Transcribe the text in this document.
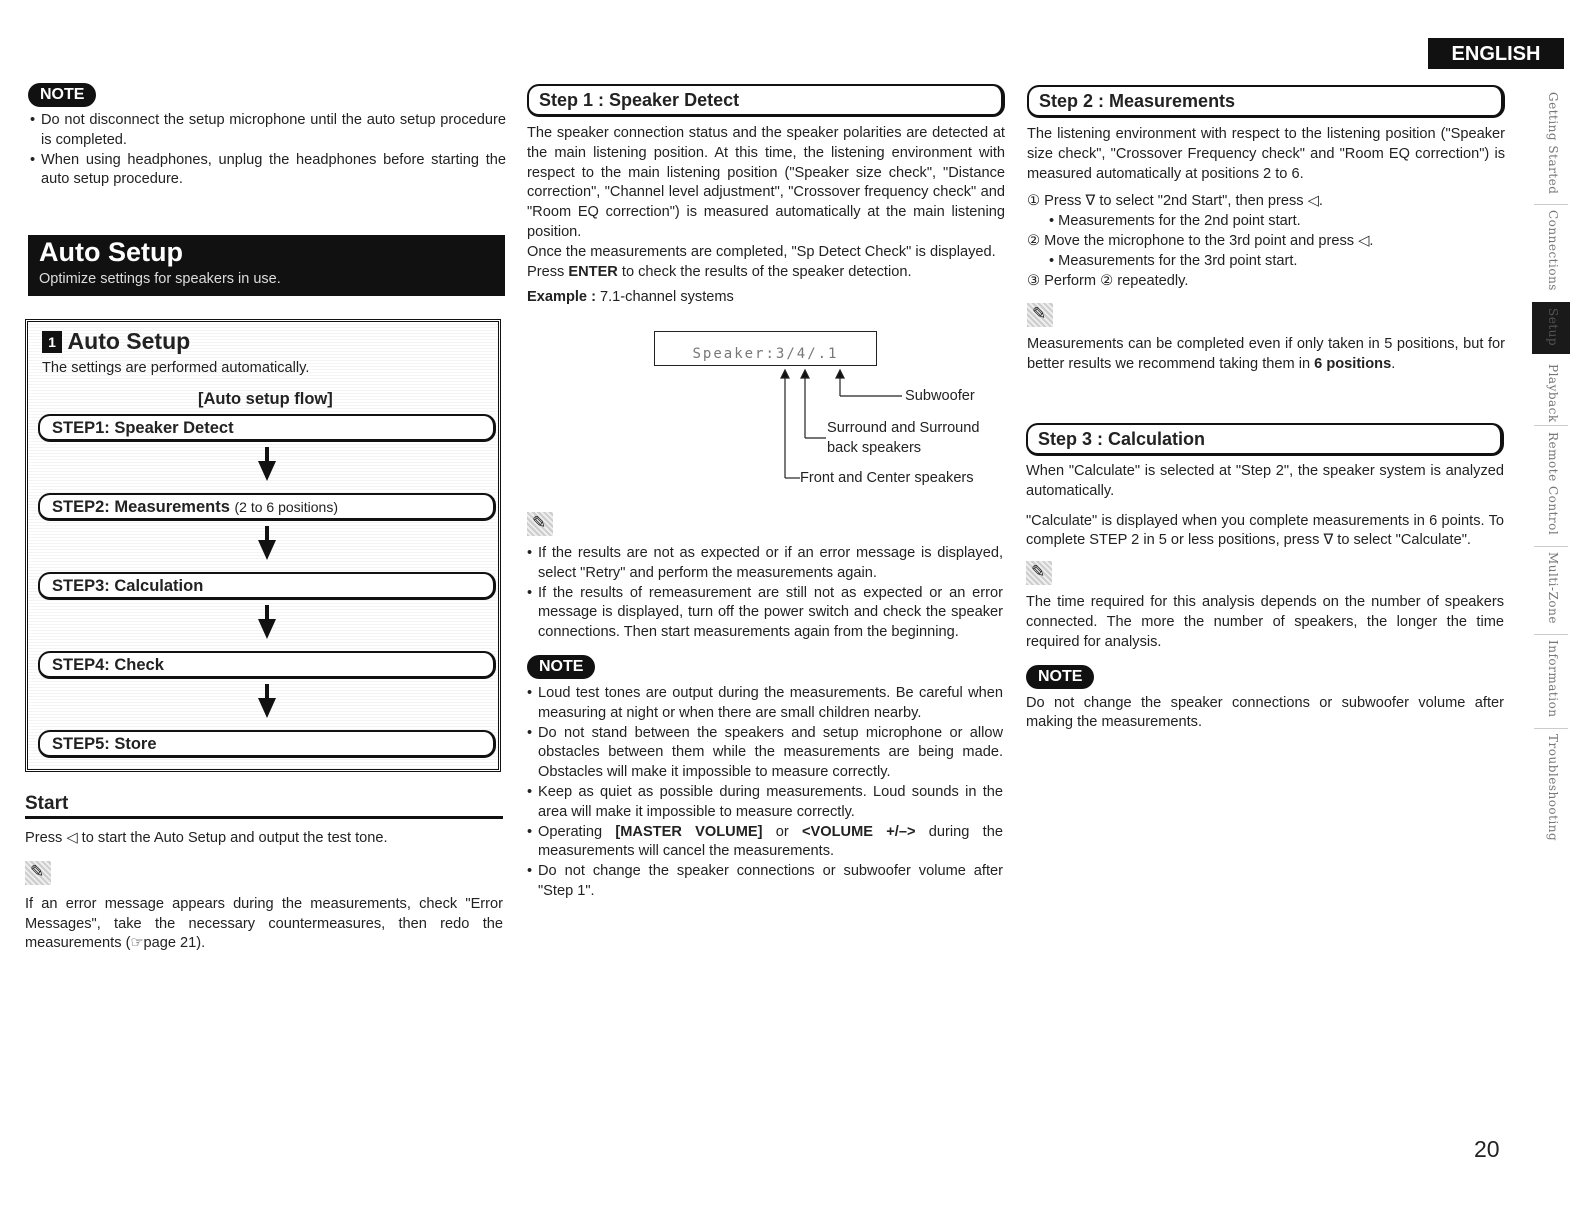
ENGLISH
Getting Started
Connections
Setup
Playback
Remote Control
Multi-Zone
Information
Troubleshooting
NOTE
• Do not disconnect the setup microphone until the auto setup procedure is completed.
• When using headphones, unplug the headphones before starting the auto setup procedure.
Auto Setup
Optimize settings for speakers in use.
1 Auto Setup
The settings are performed automatically.
[Auto setup flow]
STEP1: Speaker Detect
STEP2: Measurements (2 to 6 positions)
STEP3: Calculation
STEP4: Check
STEP5: Store
Start

Press ◁ to start the Auto Setup and output the test tone.

✎

If an error message appears during the measurements, check "Error Messages", take the necessary countermeasures, then redo the measurements (☞page 21).

Step 1 : Speaker Detect

The speaker connection status and the speaker polarities are detected at the main listening position. At this time, the listening environment with respect to the main listening position ("Speaker size check", "Distance correction", "Channel level adjustment", "Crossover frequency check" and "Room EQ correction") is measured automatically at the main listening position.

Once the measurements are completed, "Sp Detect Check" is displayed.

Press ENTER to check the results of the speaker detection.

Example : 7.1-channel systems

Speaker:3/4/.1
Subwoofer
Surround and Surround back speakers
Front and Center speakers
✎
• If the results are not as expected or if an error message is displayed, select "Retry" and perform the measurements again.
• If the results of remeasurement are still not as expected or an error message is displayed, turn off the power switch and check the speaker connections. Then start measurements again from the beginning.
NOTE
• Loud test tones are output during the measurements. Be careful when measuring at night or when there are small children nearby.
• Do not stand between the speakers and setup microphone or allow obstacles between them while the measurements are being made. Obstacles will make it impossible to measure correctly.
• Keep as quiet as possible during measurements. Loud sounds in the area will make it impossible to measure correctly.
• Operating [MASTER VOLUME] or <VOLUME +/–> during the measurements will cancel the measurements.
• Do not change the speaker connections or subwoofer volume after "Step 1".
Step 2 : Measurements

The listening environment with respect to the listening position ("Speaker size check", "Crossover Frequency check" and "Room EQ correction") is measured automatically at positions 2 to 6.

① Press ∇ to select "2nd Start", then press ◁.
• Measurements for the 2nd point start.
② Move the microphone to the 3rd point and press ◁.
• Measurements for the 3rd point start.
③ Perform ② repeatedly.
✎

Measurements can be completed even if only taken in 5 positions, but for better results we recommend taking them in 6 positions.

Step 3 : Calculation

When "Calculate" is selected at "Step 2", the speaker system is analyzed automatically.

"Calculate" is displayed when you complete measurements in 6 points. To complete STEP 2 in 5 or less positions, press ∇ to select "Calculate".

✎

The time required for this analysis depends on the number of speakers connected. The more the number of speakers, the longer the time required for analysis.

NOTE

Do not change the speaker connections or subwoofer volume after making the measurements.

20
